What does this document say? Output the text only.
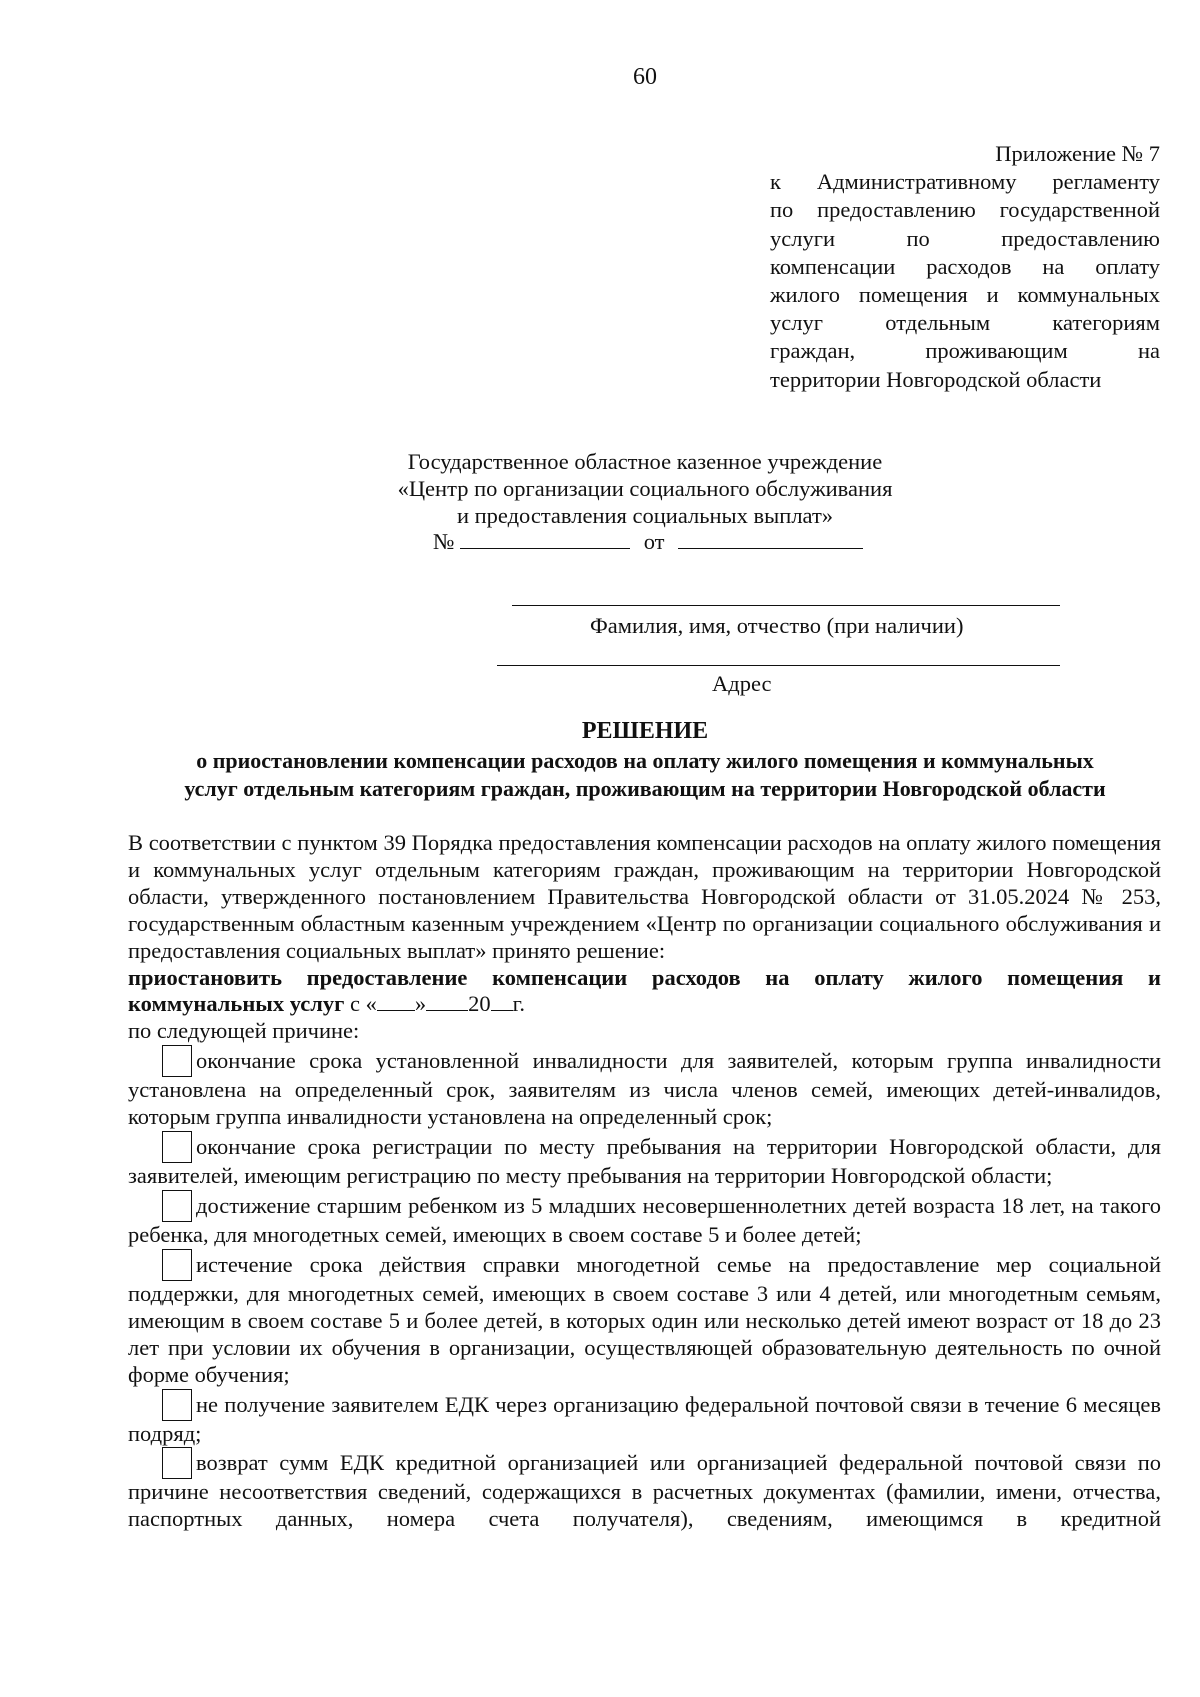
60
Приложение № 7
к Административному регламенту
по предоставлению государственной
услуги по предоставлению
компенсации расходов на оплату
жилого помещения и коммунальных
услуг отдельным категориям
граждан, проживающим на
территории Новгородской области
Государственное областное казенное учреждение
«Центр по организации социального обслуживания
и предоставления социальных выплат»
№	от
Фамилия, имя, отчество (при наличии)
Адрес
РЕШЕНИЕ
о приостановлении компенсации расходов на оплату жилого помещения и коммунальных
услуг отдельным категориям граждан, проживающим на территории Новгородской области

В соответствии с пунктом 39 Порядка предоставления компенсации расходов на оплату жилого помещения и коммунальных услуг отдельным категориям граждан, проживающим на территории Новгородской области, утвержденного постановлением Правительства Новгородской области от 31.05.2024 № 253, государственным областным казенным учреждением «Центр по организации социального обслуживания и предоставления социальных выплат» принято решение:

приостановить предоставление компенсации расходов на оплату жилого помещения и

коммунальных услуг с « » 20 г.

по следующей причине:

окончание срока установленной инвалидности для заявителей, которым группа инвалидности установлена на определенный срок, заявителям из числа членов семей, имеющих детей-инвалидов, которым группа инвалидности установлена на определенный срок;

окончание срока регистрации по месту пребывания на территории Новгородской области, для заявителей, имеющим регистрацию по месту пребывания на территории Новгородской области;

достижение старшим ребенком из 5 младших несовершеннолетних детей возраста 18 лет, на такого ребенка, для многодетных семей, имеющих в своем составе 5 и более детей;

истечение срока действия справки многодетной семье на предоставление мер социальной поддержки, для многодетных семей, имеющих в своем составе 3 или 4 детей, или многодетным семьям, имеющим в своем составе 5 и более детей, в которых один или несколько детей имеют возраст от 18 до 23 лет при условии их обучения в организации, осуществляющей образовательную деятельность по очной форме обучения;

не получение заявителем ЕДК через организацию федеральной почтовой связи в течение 6 месяцев подряд;

возврат сумм ЕДК кредитной организацией или организацией федеральной почтовой связи по причине несоответствия сведений, содержащихся в расчетных документах (фамилии, имени, отчества, паспортных данных, номера счета получателя), сведениям, имеющимся в кредитной
